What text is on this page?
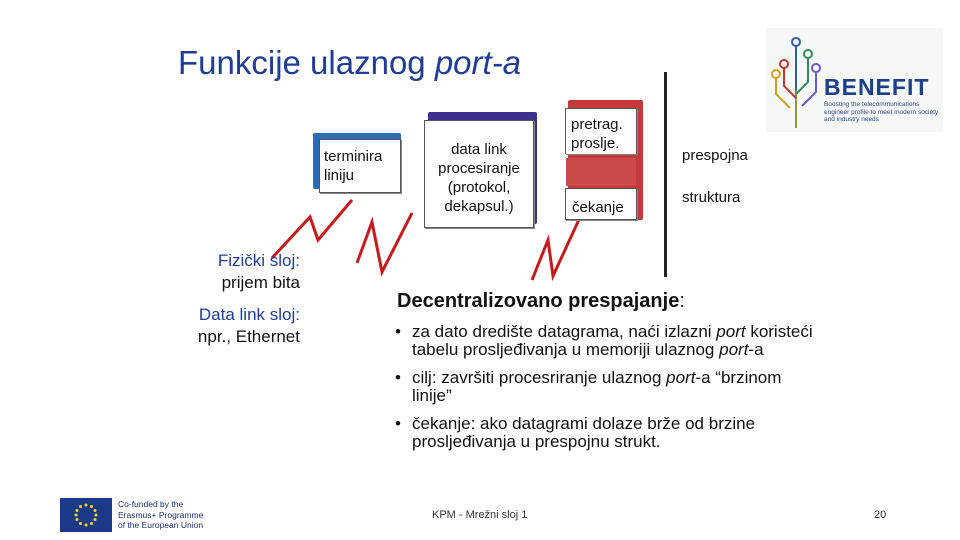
Funkcije ulaznog port-a
terminira
liniju
data link
procesiranje
(protokol,
dekapsul.)
pretrag.
proslje.
čekanje
prespojna
struktura
Fizički sloj:
prijem bita
Data link sloj:
npr., Ethernet
Decentralizovano prespajanje:
• za dato dredište datagrama, naći izlazni port koristeći tabelu prosljeđivanja u memoriji ulaznog port-a
• cilj: završiti procesriranje ulaznog port-a “brzinom linije”
• čekanje: ako datagrami dolaze brže od brzine prosljeđivanja u prespojnu strukt.
KPM - Mrežni sloj 1	20
Co-funded by the
Erasmus+ Programme
of the European Union
BENEFIT
Boosting the telecommunications engineer profile to meet modern society and industry needs
